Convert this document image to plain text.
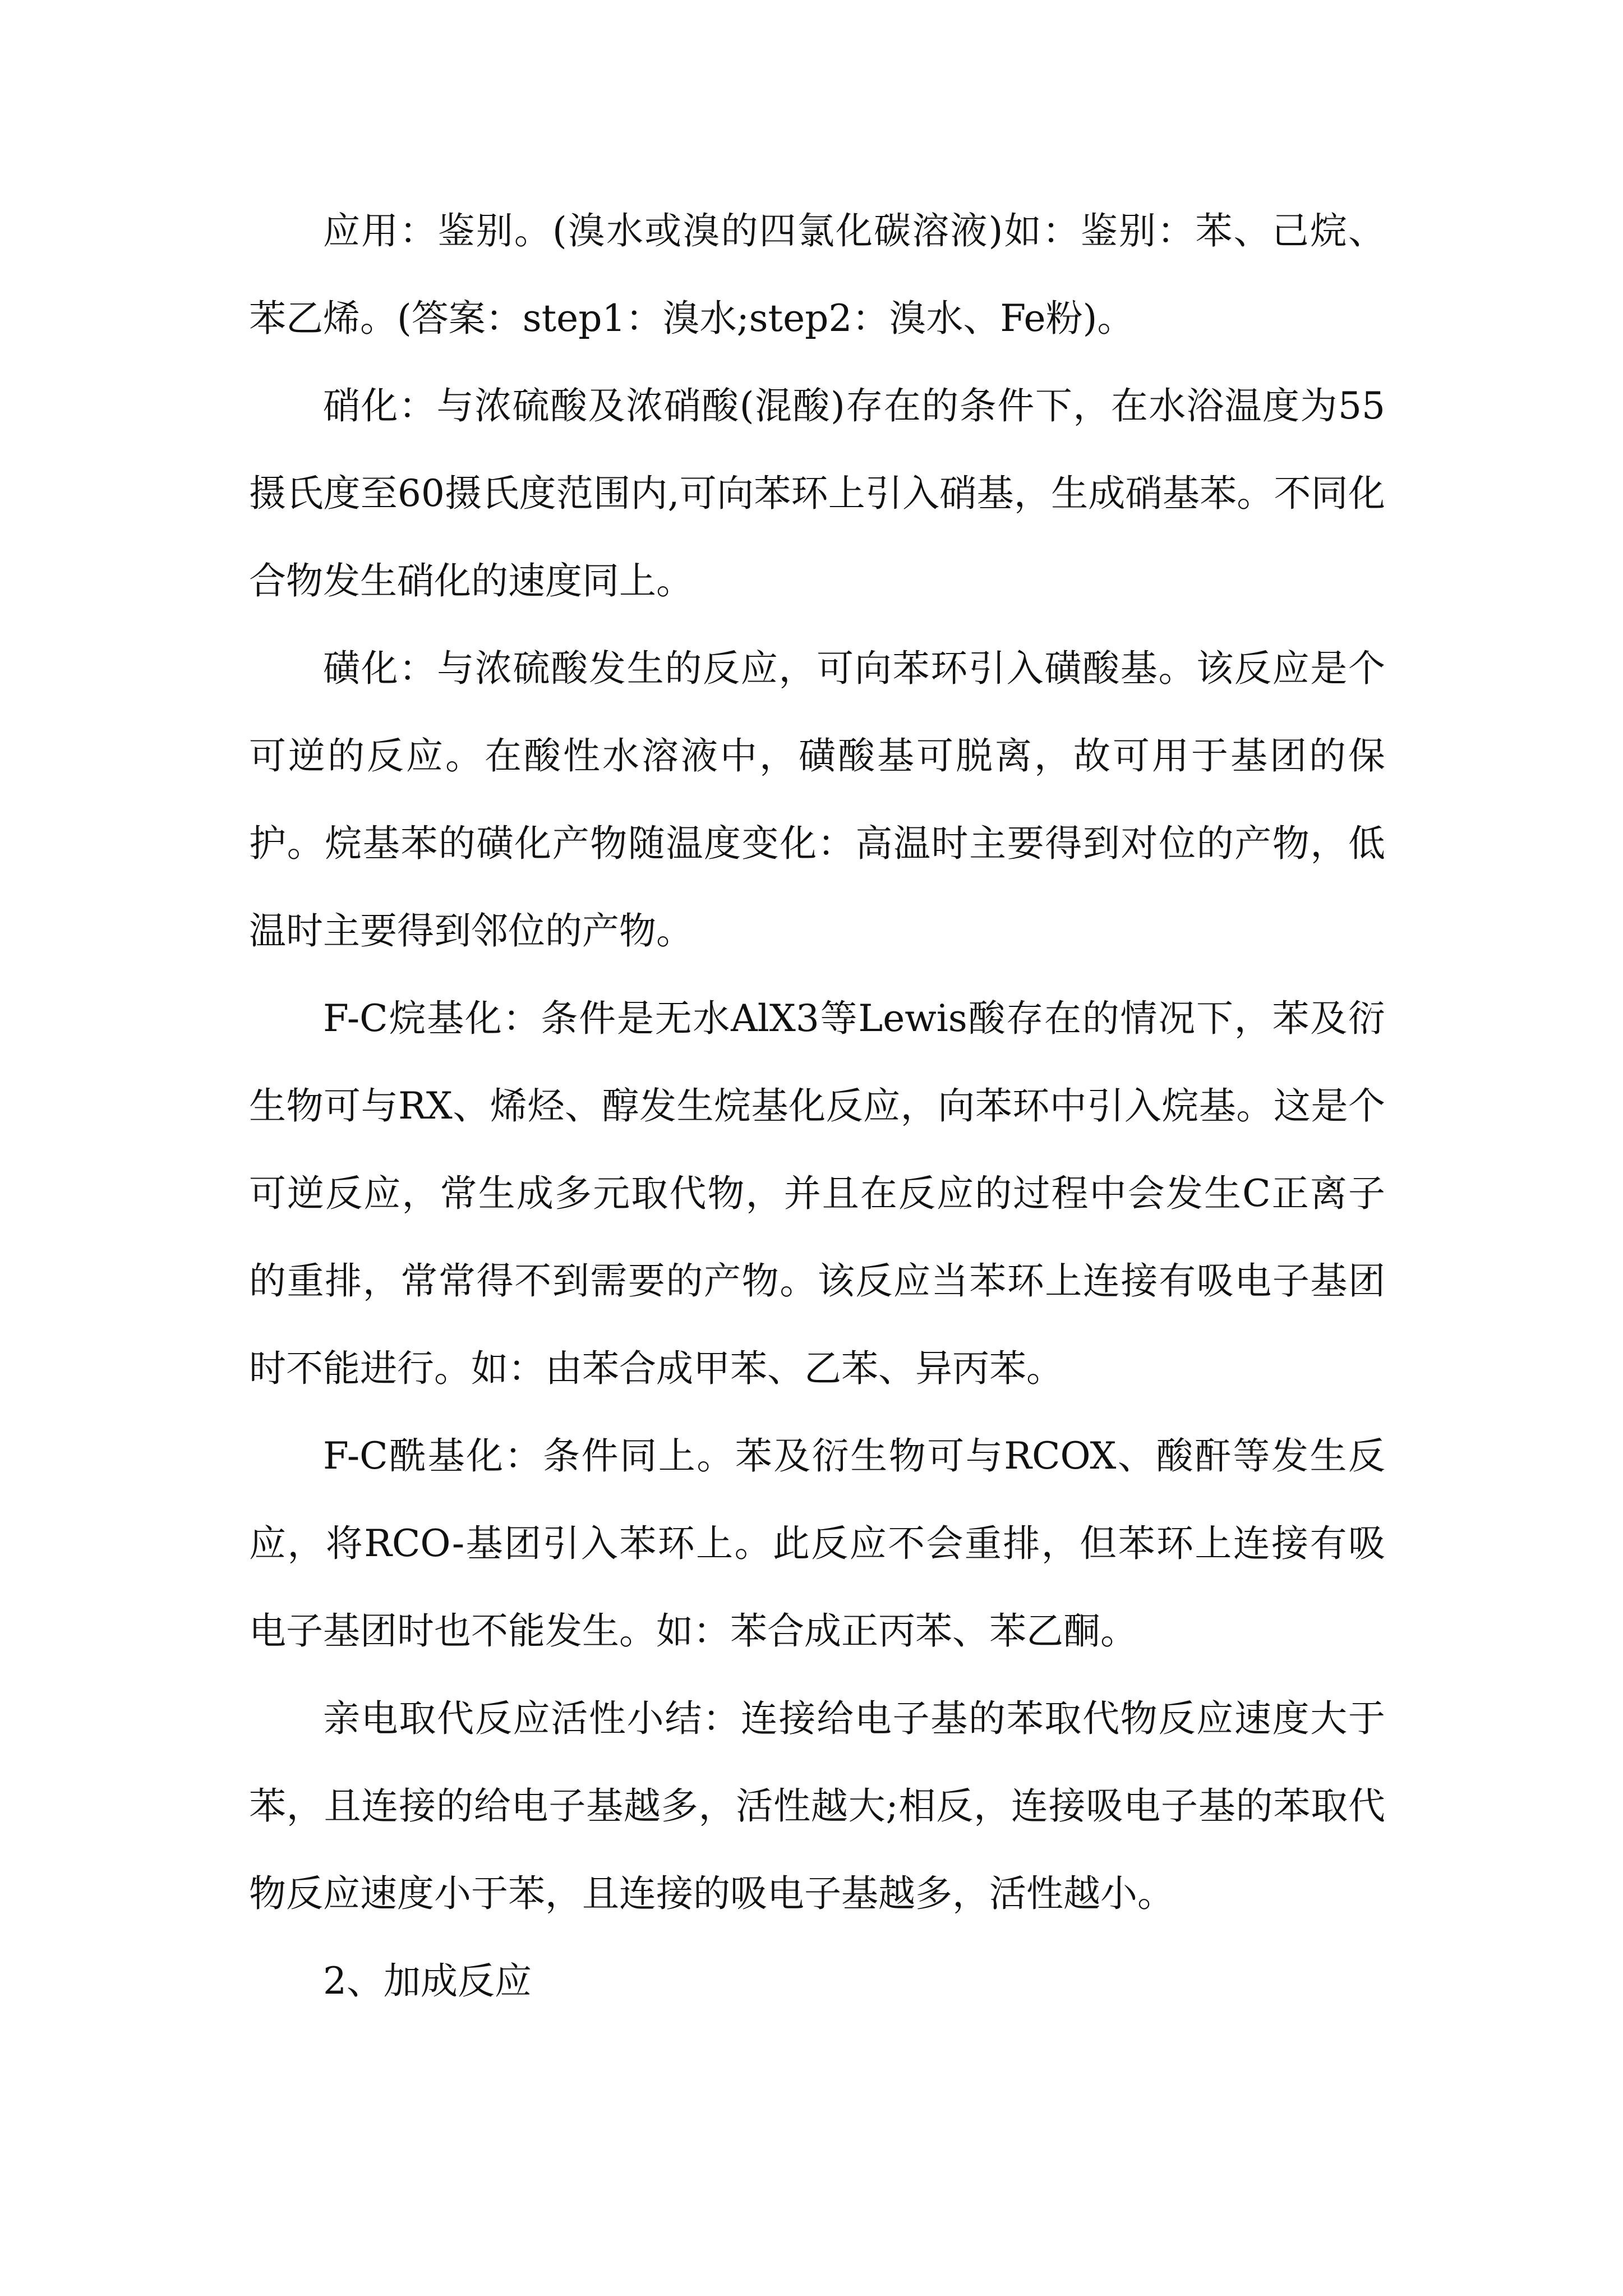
应用：鉴别。(溴水或溴的四氯化碳溶液)如：鉴别：苯、己烷、苯乙烯。(答案：step1：溴水;step2：溴水、Fe粉)。

硝化：与浓硫酸及浓硝酸(混酸)存在的条件下，在水浴温度为55摄氏度至60摄氏度范围内,可向苯环上引入硝基，生成硝基苯。不同化合物发生硝化的速度同上。

磺化：与浓硫酸发生的反应，可向苯环引入磺酸基。该反应是个可逆的反应。在酸性水溶液中，磺酸基可脱离，故可用于基团的保护。烷基苯的磺化产物随温度变化：高温时主要得到对位的产物，低温时主要得到邻位的产物。

F-C烷基化：条件是无水AlX3等Lewis酸存在的情况下，苯及衍生物可与RX、烯烃、醇发生烷基化反应，向苯环中引入烷基。这是个可逆反应，常生成多元取代物，并且在反应的过程中会发生C正离子的重排，常常得不到需要的产物。该反应当苯环上连接有吸电子基团时不能进行。如：由苯合成甲苯、乙苯、异丙苯。

F-C酰基化：条件同上。苯及衍生物可与RCOX、酸酐等发生反应，将RCO-基团引入苯环上。此反应不会重排，但苯环上连接有吸电子基团时也不能发生。如：苯合成正丙苯、苯乙酮。

亲电取代反应活性小结：连接给电子基的苯取代物反应速度大于苯，且连接的给电子基越多，活性越大;相反，连接吸电子基的苯取代物反应速度小于苯，且连接的吸电子基越多，活性越小。

2、加成反应
